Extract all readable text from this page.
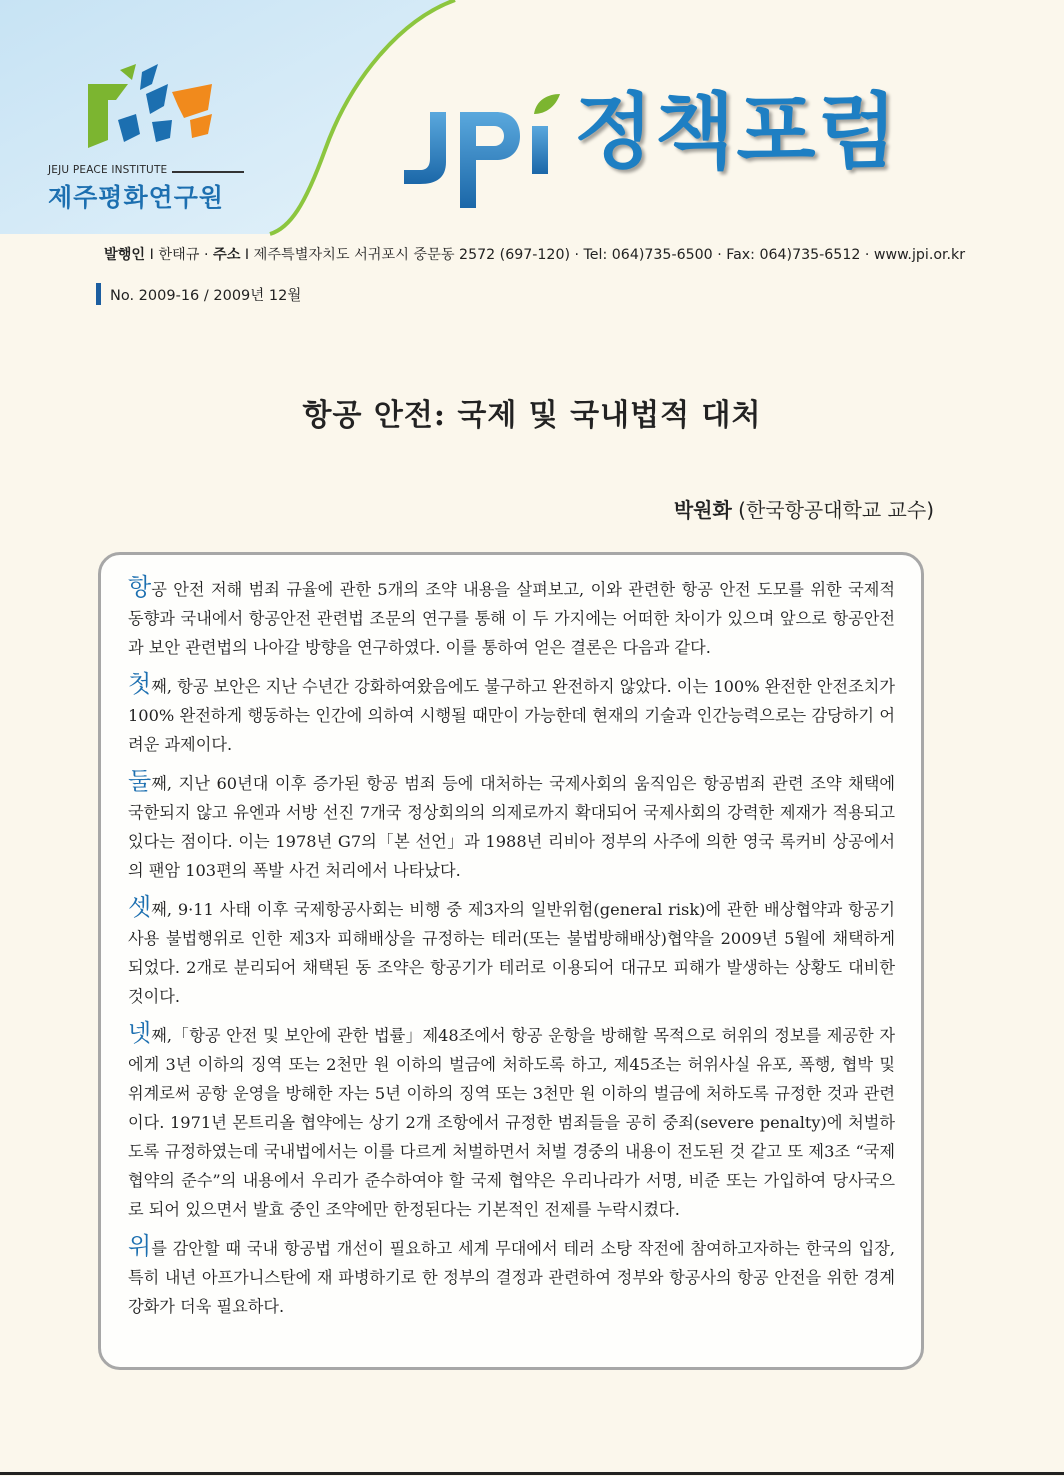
JEJU PEACE INSTITUTE
제주평화연구원
정책포럼
발행인 I 한태규 · 주소 I 제주특별자치도 서귀포시 중문동 2572 (697-120) · Tel: 064)735-6500 · Fax: 064)735-6512 · www.jpi.or.kr
No. 2009-16 / 2009년 12월
항공 안전: 국제 및 국내법적 대처
박원화 (한국항공대학교 교수)

항공 안전 저해 범죄 규율에 관한 5개의 조약 내용을 살펴보고, 이와 관련한 항공 안전 도모를 위한 국제적 동향과 국내에서 항공안전 관련법 조문의 연구를 통해 이 두 가지에는 어떠한 차이가 있으며 앞으로 항공안전과 보안 관련법의 나아갈 방향을 연구하였다. 이를 통하여 얻은 결론은 다음과 같다.

첫째, 항공 보안은 지난 수년간 강화하여왔음에도 불구하고 완전하지 않았다. 이는 100% 완전한 안전조치가 100% 완전하게 행동하는 인간에 의하여 시행될 때만이 가능한데 현재의 기술과 인간능력으로는 감당하기 어려운 과제이다.

둘째, 지난 60년대 이후 증가된 항공 범죄 등에 대처하는 국제사회의 움직임은 항공범죄 관련 조약 채택에 국한되지 않고 유엔과 서방 선진 7개국 정상회의의 의제로까지 확대되어 국제사회의 강력한 제재가 적용되고 있다는 점이다. 이는 1978년 G7의「본 선언」과 1988년 리비아 정부의 사주에 의한 영국 록커비 상공에서의 팬암 103편의 폭발 사건 처리에서 나타났다.

셋째, 9·11 사태 이후 국제항공사회는 비행 중 제3자의 일반위험(general risk)에 관한 배상협약과 항공기사용 불법행위로 인한 제3자 피해배상을 규정하는 테러(또는 불법방해배상)협약을 2009년 5월에 채택하게 되었다. 2개로 분리되어 채택된 동 조약은 항공기가 테러로 이용되어 대규모 피해가 발생하는 상황도 대비한 것이다.

넷째,「항공 안전 및 보안에 관한 법률」제48조에서 항공 운항을 방해할 목적으로 허위의 정보를 제공한 자에게 3년 이하의 징역 또는 2천만 원 이하의 벌금에 처하도록 하고, 제45조는 허위사실 유포, 폭행, 협박 및 위계로써 공항 운영을 방해한 자는 5년 이하의 징역 또는 3천만 원 이하의 벌금에 처하도록 규정한 것과 관련이다. 1971년 몬트리올 협약에는 상기 2개 조항에서 규정한 범죄들을 공히 중죄(severe penalty)에 처벌하도록 규정하였는데 국내법에서는 이를 다르게 처벌하면서 처벌 경중의 내용이 전도된 것 같고 또 제3조 “국제협약의 준수”의 내용에서 우리가 준수하여야 할 국제 협약은 우리나라가 서명, 비준 또는 가입하여 당사국으로 되어 있으면서 발효 중인 조약에만 한정된다는 기본적인 전제를 누락시켰다.

위를 감안할 때 국내 항공법 개선이 필요하고 세계 무대에서 테러 소탕 작전에 참여하고자하는 한국의 입장, 특히 내년 아프가니스탄에 재 파병하기로 한 정부의 결정과 관련하여 정부와 항공사의 항공 안전을 위한 경계강화가 더욱 필요하다.
